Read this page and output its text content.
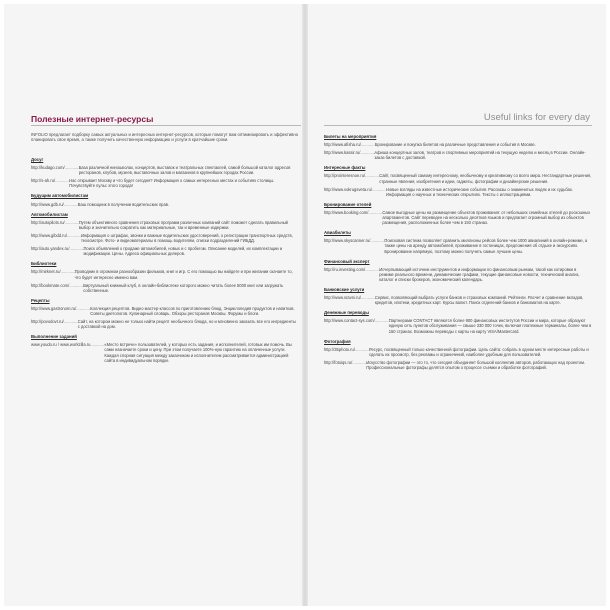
Полезные интернет-ресурсы	Useful links for every day
INFOLIO предлагает подборку самых актуальных и интересных интернет-ресурсов, которые помогут вам оптимизировать и эффективно планировать свое время, а также получить качественную информацию и услуги в кратчайшие сроки.
Досуг
http://kudago.com/ ..............
База различной ниношколах, концертов, выставок и театральных спектаклей, самой большой каталог адресов ресторанов, клубов, музеев, выставочных залов и магазинов в крупнейших городах России.
http://s-ah.ru/ ..............
Нас открывает Москву и что будет сегодня? Информация о самых интересных местах и событиях столицы. Почувствуйте пульс этого города!
Будущим автомобилистам
http://www.gdb.ru/ ..............
Ваш помощник в получении водительских прав.
Автомобилистам
http://autopilots.ru/ ..............
Путем объективного сравнения страховых программ различных компаний сайт поможет сделать правильный выбор и значительно сократить как материальные, так и временные издержки.
http://www.gibdd.ru/ ..............
Информация о штрафах, звонки и важные водительских удостоверений, о регистрации транспортных средств, техосмотре. Фото- и видеоматериалы в помощь водителям, списки подразделений ГИБДД.
http://auto.yandex.ru/ ..............
Поиск объявлений о продаже автомобилей, новых и с пробегом. Описание моделей, их комплектации и модификации. Цены. Адреса официальных дилеров.
Библиотеки
http://mirknet.ru/ ..............
Проводник в огромном разнообразии фильмов, книг и игр. С его помощью вы найдете и при желании скачаете то, что будет интересно именно вам.
http://bookmate.com/ ..............
Виртуальный книжный клуб, в онлайн-библиотеке которого можно читать более 5000 книг или загружать собственные.
Рецепты
http://www.gastronom.ru/ ..............
Коллекция рецептов. Видео мастер-классов по приготовлению блюд. Энциклопедия продуктов и напитков. Советы диетологов. Кулинарный словарь. Обзоры ресторанов Москвы. Форумы и блоги.
http://povodovt.ru/ ..............
Сайт, на котором можно не только найти рецепт необычного блюда, но и мгновенно заказать все его ингредиенты с доставкой на дом.
Выполнение заданий
www.youdo.ru / www.workzilla.ru ..............
«Место встречи» пользователей, у которых есть задания, и исполнителей, готовых им помочь. Вы сами назначаете сроки и цену. При этом получаете 100%-ную гарантию на оплаченные услуги. Каждая спорная ситуация между заказчиком и исполнителем рассматривается администрацией сайта в индивидуальном порядке.
Билеты на мероприятия
http://www.afisha.ru/ ..............
Бронирование и покупка билетов на различные представления и события в Москве.
http://www.kassir.ru/ ..............
Афиша концертных залов, театров и спортивных мероприятий на текущую неделю и месяц в России. Онлайн-заказ билетов с доставкой.
Интересные факты
http://prointeresnoe.ru/ ..............
Сайт, посвященный самому интересному, необычному и креативному со всего мира. Нестандартные решения, странные явления, изобретения и идеи, гаджеты, фотографии и дизайнерские решения.
http://www.vokrugsveta.ru/ ..............
Новые взгляды на известные исторические события. Рассказы о знаменитых людях и их судьбах. Информация о научных и технических открытиях. Тексты с иллюстрациями.
Бронирование отелей
http://www.booking.com/ ..............
Самое выгодные цены на размещение объектов проживания: от небольших семейных отелей до роскошных апартаментов. Сайт переведен на несколько десятков языков и предлагает огромный выбор из объектов размещения, расположенных более чем в 193 странах.
Авиабилеты
http://www.skyscanner.ru/ ..............
Поисковая система позволяет сравнить миллионы рейсов более чем 1000 авиалиний в онлайн-режиме, а также цены на аренду автомобилей, проживание в гостиницах, предложения об отдыхе и экскурсиях. Бронирование напрямую, поэтому можно получить самые лучшие цены.
Финансовый эксперт
http://ru.investing.com/ ..............
Исчерпывающий источник инструментов и информации по финансовым рынкам, такой как котировки в режиме реального времени, динамические графики, текущие финансовые новости, технический анализ, каталог и списки брокеров, экономический календарь.
Банковские услуги
http://www.sravni.ru/ ..............
Сервис, позволяющий выбрать услуги банков и страховых компаний. Рейтинги. Расчет и сравнение вкладов, кредитов, ипотеки, кредитных карт. Курсы валют. Поиск отделений банков и банкоматов на карте.
Денежные переводы
http://www.contact-sys.com/ ..............
Партнерами CONTACT являются более 900 финансовых институтов России и мира, которые образуют единую сеть пунктов обслуживания — свыше 330 000 точек, включая платежные терминалы, более чем в 150 странах. Возможны переводы с карты на карту VISA/Mastercard.
Фотография
http://35photo.ru/ ..............
Ресурс, посвященный только качественной фотографии. Цель сайта: собрать в одном месте интересные работы и сделать их просмотр, без рекламы и ограничений, наиболее удобным для пользователей.
http://fotoiqs.ru/ ..............
Искусство фотографии — это то, что сегодня объединяет большой коллектив авторов, работающих над проектом. Профессиональные фотографы делятся опытом о процессе съемки и обработке фотографий.
